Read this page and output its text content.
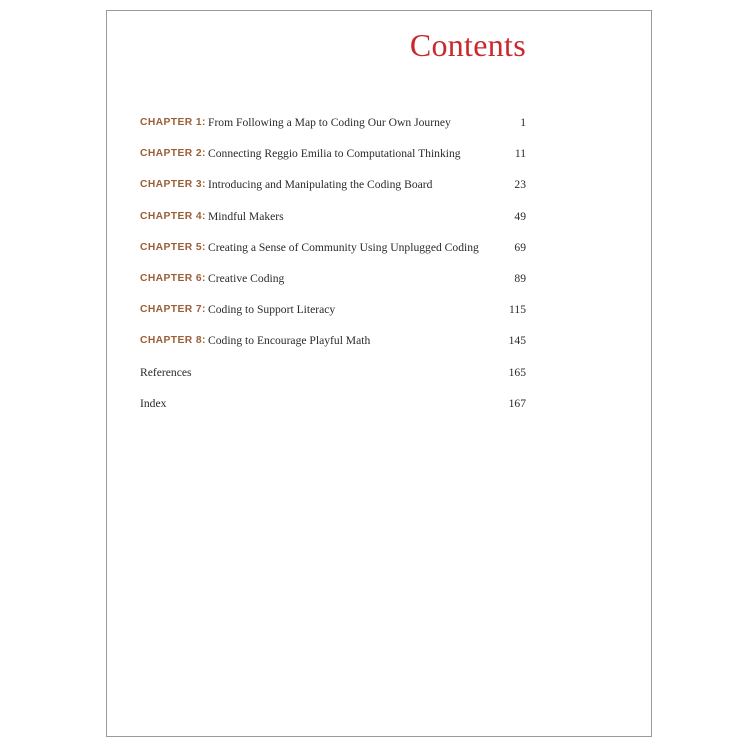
Contents
CHAPTER 1: From Following a Map to Coding Our Own Journey	1
CHAPTER 2: Connecting Reggio Emilia to Computational Thinking	11
CHAPTER 3: Introducing and Manipulating the Coding Board	23
CHAPTER 4: Mindful Makers	49
CHAPTER 5: Creating a Sense of Community Using Unplugged Coding	69
CHAPTER 6: Creative Coding	89
CHAPTER 7: Coding to Support Literacy	115
CHAPTER 8: Coding to Encourage Playful Math	145
References	165
Index	167
